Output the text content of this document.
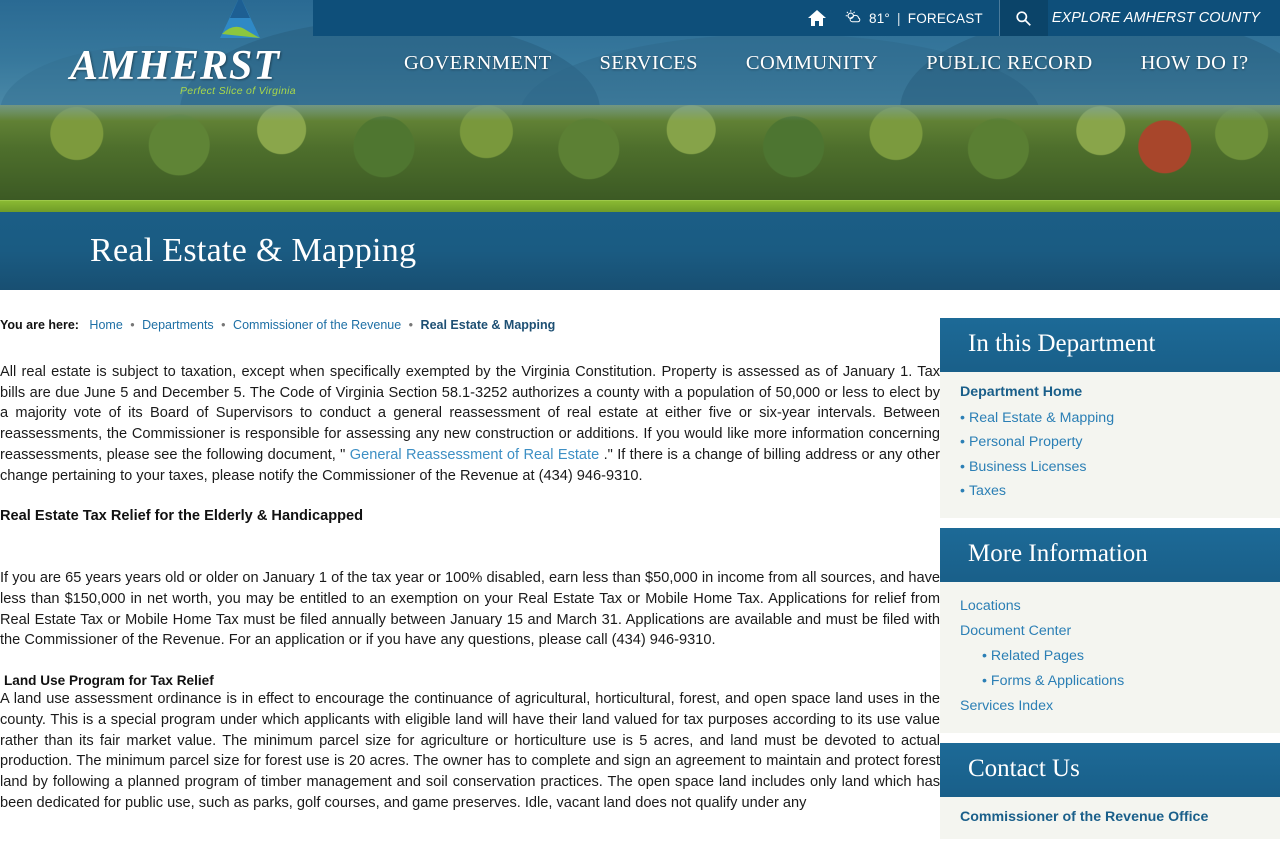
81° | FORECAST	EXPLORE AMHERST COUNTY
AMHERST
Perfect Slice of Virginia
GOVERNMENT	SERVICES	COMMUNITY	PUBLIC RECORD	HOW DO I?
Real Estate & Mapping
You are here: Home • Departments • Commissioner of the Revenue • Real Estate & Mapping

All real estate is subject to taxation, except when specifically exempted by the Virginia Constitution. Property is assessed as of January 1. Tax bills are due June 5 and December 5. The Code of Virginia Section 58.1-3252 authorizes a county with a population of 50,000 or less to elect by a majority vote of its Board of Supervisors to conduct a general reassessment of real estate at either five or six-year intervals. Between reassessments, the Commissioner is responsible for assessing any new construction or additions. If you would like more information concerning reassessments, please see the following document, " General Reassessment of Real Estate ." If there is a change of billing address or any other change pertaining to your taxes, please notify the Commissioner of the Revenue at (434) 946-9310.

Real Estate Tax Relief for the Elderly & Handicapped

If you are 65 years years old or older on January 1 of the tax year or 100% disabled, earn less than $50,000 in income from all sources, and have less than $150,000 in net worth, you may be entitled to an exemption on your Real Estate Tax or Mobile Home Tax. Applications for relief from Real Estate Tax or Mobile Home Tax must be filed annually between January 15 and March 31. Applications are available and must be filed with the Commissioner of the Revenue. For an application or if you have any questions, please call (434) 946-9310.

Land Use Program for Tax Relief

A land use assessment ordinance is in effect to encourage the continuance of agricultural, horticultural, forest, and open space land uses in the county. This is a special program under which applicants with eligible land will have their land valued for tax purposes according to its use value rather than its fair market value. The minimum parcel size for agriculture or horticulture use is 5 acres, and land must be devoted to actual production. The minimum parcel size for forest use is 20 acres. The owner has to complete and sign an agreement to maintain and protect forest land by following a planned program of timber management and soil conservation practices. The open space land includes only land which has been dedicated for public use, such as parks, golf courses, and game preserves. Idle, vacant land does not qualify under any

In this Department
Department Home
• Real Estate & Mapping
• Personal Property
• Business Licenses
• Taxes
More Information
Locations
Document Center
• Related Pages
• Forms & Applications
Services Index
Contact Us
Commissioner of the Revenue Office
